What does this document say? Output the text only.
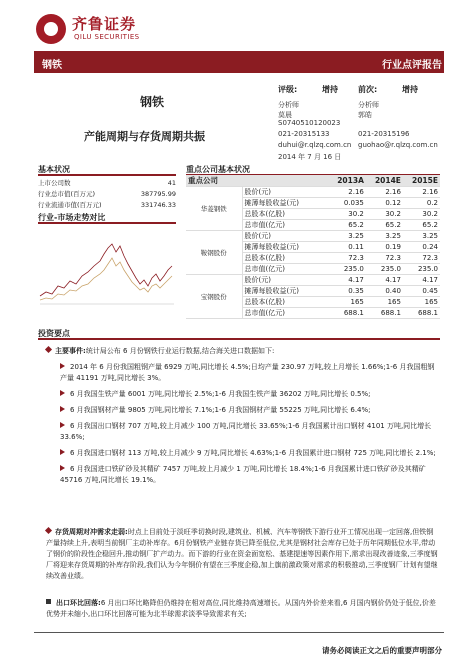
齐鲁证券
QILU SECURITIES
钢铁	行业点评报告
钢铁
产能周期与存货周期共振
评级:	增持	前次:	增持
分析师
莫晨
S0740510120023
021-20315133
duhui@r.qlzq.com.cn
分析师
郭皓
021-20315196
guohao@r.qlzq.com.cn
2014 年 7 月 16 日
基本状况
上市公司数	41
行业总市值(百万元)	387795.99
行业流通市值(百万元)	331746.33
行业-市场走势对比
重点公司基本状况
重点公司		2013A	2014E	2015E
华菱钢铁	股价(元)	2.16	2.16	2.16
	摊薄每股收益(元)	0.035	0.12	0.2
	总股本(亿股)	30.2	30.2	30.2
	总市值(亿元)	65.2	65.2	65.2
鞍钢股份	股价(元)	3.25	3.25	3.25
	摊薄每股收益(元)	0.11	0.19	0.24
	总股本(亿股)	72.3	72.3	72.3
	总市值(亿元)	235.0	235.0	235.0
宝钢股份	股价(元)	4.17	4.17	4.17
	摊薄每股收益(元)	0.35	0.40	0.45
	总股本(亿股)	165	165	165
	总市值(亿元)	688.1	688.1	688.1
投资要点
主要事件:统计局公布 6 月份钢铁行业运行数据,结合海关进口数据如下:
2014 年 6 月份我国粗钢产量 6929 万吨,同比增长 4.5%;日均产量 230.97 万吨,较上月增长 1.66%;1-6 月我国粗钢产量 41191 万吨,同比增长 3%。
6 月我国生铁产量 6001 万吨,同比增长 2.5%;1-6 月我国生铁产量 36202 万吨,同比增长 0.5%;
6 月我国钢材产量 9805 万吨,同比增长 7.1%;1-6 月我国钢材产量 55225 万吨,同比增长 6.4%;
6 月我国出口钢材 707 万吨,较上月减少 100 万吨,同比增长 33.65%;1-6 月我国累计出口钢材 4101 万吨,同比增长 33.6%;
6 月我国进口钢材 113 万吨,较上月减少 9 万吨,同比增长 4.63%;1-6 月我国累计进口钢材 725 万吨,同比增长 2.1%;
6 月我国进口铁矿砂及其精矿 7457 万吨,较上月减少 1 万吨,同比增长 18.4%;1-6 月我国累计进口铁矿砂及其精矿 45716 万吨,同比增长 19.1%。
存货周期对冲需求走弱:时点上目前处于淡旺季切换时段,建筑业、机械、汽车等钢铁下游行业开工情况出现一定回落,但铁钢产量持续上升,表明当前钢厂主动补库存。6月份钢铁产业链存货已降至低位,尤其是钢材社会库存已处于历年同期低位水平,带动了钢价的阶段性企稳回升,推动钢厂扩产动力。而下游的行业在资金面宽松、基建提速等因素作用下,需求出现改善迹象,三季度钢厂将迎来存货周期的补库存阶段,我们认为今年钢价有望在三季度企稳,加上旗前激政策对需求的积极推动,三季度钢厂计划有望继续改善业绩。
出口环比回落:6 月出口环比略降但仍维持在相对高位,同比维持高速增长。从国内外价差来看,6 月国内钢价仍处于低位,价差优势并未缩小,出口环比回落可能为北半球需求淡季导致需求有关;
请务必阅读正文之后的重要声明部分
